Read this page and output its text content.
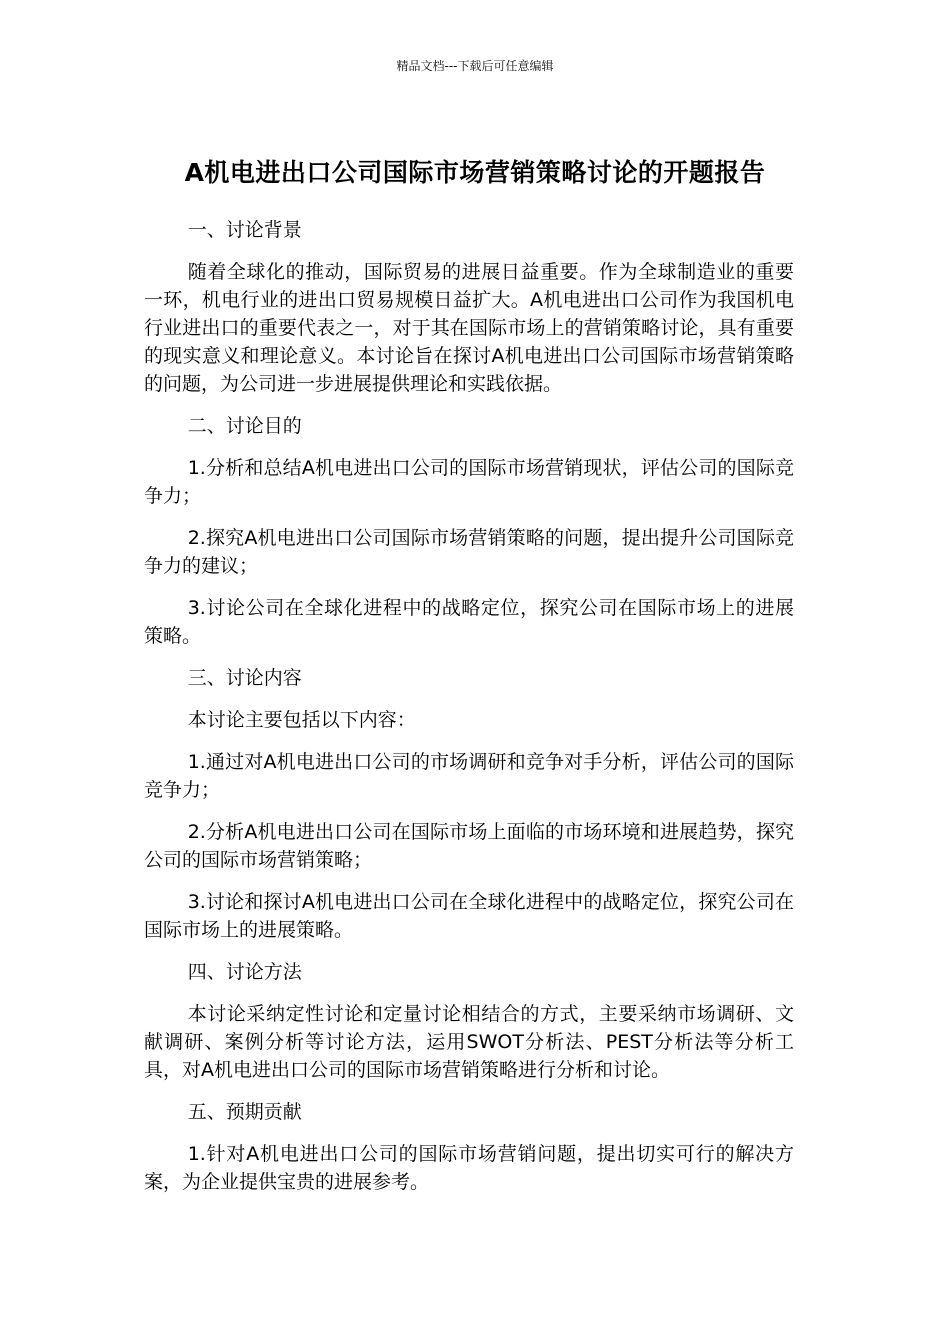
精品文档---下载后可任意编辑
A机电进出口公司国际市场营销策略讨论的开题报告
一、讨论背景

随着全球化的推动，国际贸易的进展日益重要。作为全球制造业的重要一环，机电行业的进出口贸易规模日益扩大。A机电进出口公司作为我国机电行业进出口的重要代表之一，对于其在国际市场上的营销策略讨论，具有重要的现实意义和理论意义。本讨论旨在探讨A机电进出口公司国际市场营销策略的问题，为公司进一步进展提供理论和实践依据。

二、讨论目的

1.分析和总结A机电进出口公司的国际市场营销现状，评估公司的国际竞争力；

2.探究A机电进出口公司国际市场营销策略的问题，提出提升公司国际竞争力的建议；

3.讨论公司在全球化进程中的战略定位，探究公司在国际市场上的进展策略。

三、讨论内容

本讨论主要包括以下内容：

1.通过对A机电进出口公司的市场调研和竞争对手分析，评估公司的国际竞争力；

2.分析A机电进出口公司在国际市场上面临的市场环境和进展趋势，探究公司的国际市场营销策略；

3.讨论和探讨A机电进出口公司在全球化进程中的战略定位，探究公司在国际市场上的进展策略。

四、讨论方法

本讨论采纳定性讨论和定量讨论相结合的方式，主要采纳市场调研、文献调研、案例分析等讨论方法，运用SWOT分析法、PEST分析法等分析工具，对A机电进出口公司的国际市场营销策略进行分析和讨论。

五、预期贡献

1.针对A机电进出口公司的国际市场营销问题，提出切实可行的解决方案，为企业提供宝贵的进展参考。
